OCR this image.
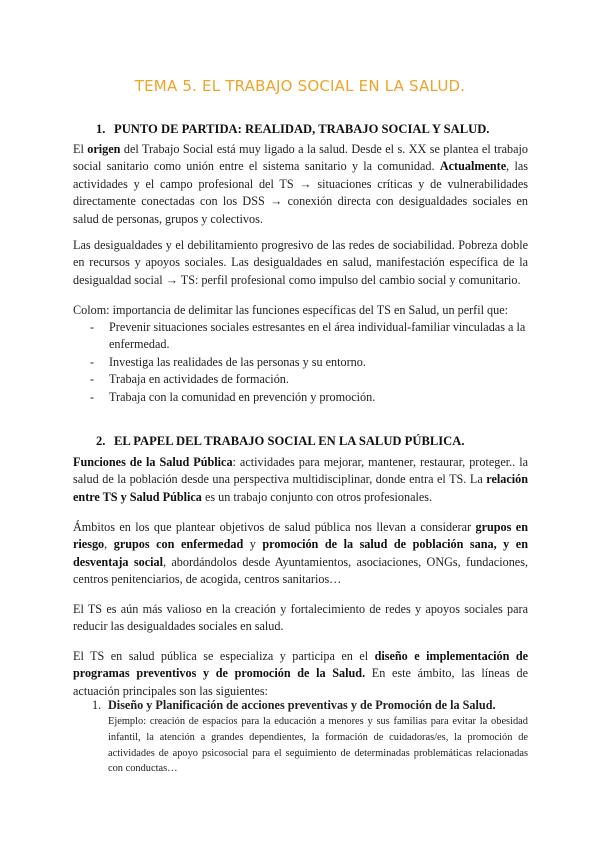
TEMA 5. EL TRABAJO SOCIAL EN LA SALUD.
1. PUNTO DE PARTIDA: REALIDAD, TRABAJO SOCIAL Y SALUD.
El origen del Trabajo Social está muy ligado a la salud. Desde el s. XX se plantea el trabajo social sanitario como unión entre el sistema sanitario y la comunidad. Actualmente, las actividades y el campo profesional del TS → situaciones críticas y de vulnerabilidades directamente conectadas con los DSS → conexión directa con desigualdades sociales en salud de personas, grupos y colectivos.
Las desigualdades y el debilitamiento progresivo de las redes de sociabilidad. Pobreza doble en recursos y apoyos sociales. Las desigualdades en salud, manifestación específica de la desigualdad social → TS: perfil profesional como impulso del cambio social y comunitario.
Colom: importancia de delimitar las funciones específicas del TS en Salud, un perfil que:
- Prevenir situaciones sociales estresantes en el área individual-familiar vinculadas a la enfermedad.
- Investiga las realidades de las personas y su entorno.
- Trabaja en actividades de formación.
- Trabaja con la comunidad en prevención y promoción.
2. EL PAPEL DEL TRABAJO SOCIAL EN LA SALUD PÚBLICA.
Funciones de la Salud Pública: actividades para mejorar, mantener, restaurar, proteger.. la salud de la población desde una perspectiva multidisciplinar, donde entra el TS. La relación entre TS y Salud Pública es un trabajo conjunto con otros profesionales.
Ámbitos en los que plantear objetivos de salud pública nos llevan a considerar grupos en riesgo, grupos con enfermedad y promoción de la salud de población sana, y en desventaja social, abordándolos desde Ayuntamientos, asociaciones, ONGs, fundaciones, centros penitenciarios, de acogida, centros sanitarios…
El TS es aún más valioso en la creación y fortalecimiento de redes y apoyos sociales para reducir las desigualdades sociales en salud.
El TS en salud pública se especializa y participa en el diseño e implementación de programas preventivos y de promoción de la Salud. En este ámbito, las líneas de actuación principales son las siguientes:
1. Diseño y Planificación de acciones preventivas y de Promoción de la Salud.
Ejemplo: creación de espacios para la educación a menores y sus familias para evitar la obesidad infantil, la atención a grandes dependientes, la formación de cuidadoras/es, la promoción de actividades de apoyo psicosocial para el seguimiento de determinadas problemáticas relacionadas con conductas…
